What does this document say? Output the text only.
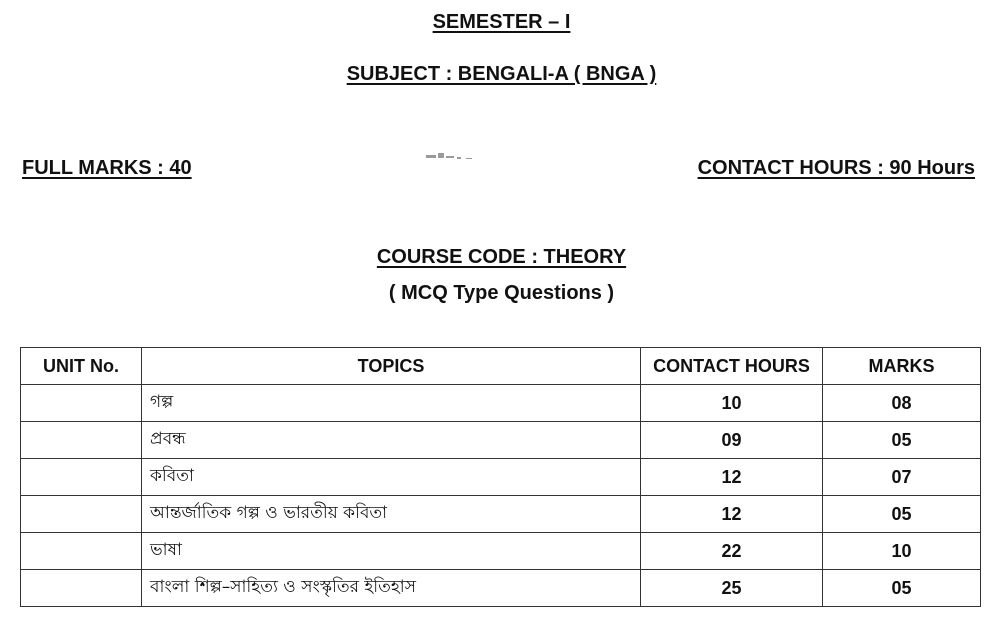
SEMESTER – I
SUBJECT : BENGALI-A ( BNGA )
FULL MARKS : 40	CONTACT HOURS : 90 Hours
COURSE CODE : THEORY
( MCQ Type Questions )
UNIT No.	TOPICS	CONTACT HOURS	MARKS
	গল্প	10	08
	প্রবন্ধ	09	05
	কবিতা	12	07
	আন্তর্জাতিক গল্প ও ভারতীয় কবিতা	12	05
	ভাষা	22	10
	বাংলা শিল্প–সাহিত্য ও সংস্কৃতির ইতিহাস	25	05
